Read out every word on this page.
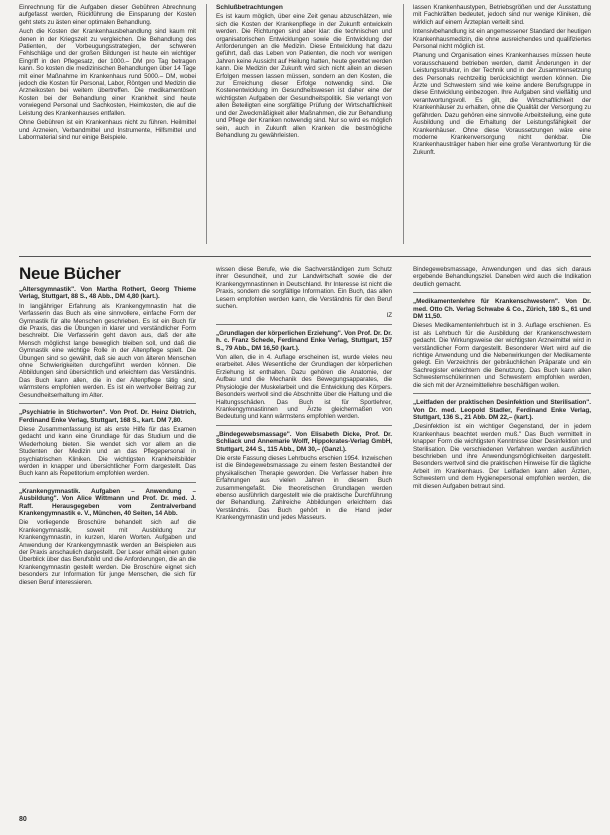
Einrechnung für die Aufgaben dieser Gebühren Abrechnung aufgefasst werden, Rückführung die Einsparung der Kosten geht stets zu ästen einer optimalen Behandlung.

Auch die Kosten der Krankenhausbehandlung sind kaum mit denen in der Kriegszeit zu vergleichen. Die Behandlung des Patienten, der Vorbeugungsstrategien, der schweren Fehlschläge und der großen Bildungen ist heute ein wichtiger Eingriff in den Pflegesatz, der 1000.– DM pro Tag betragen kann. So kosten die medizinischen Behandlungen über 14 Tage mit einer Maßnahme im Krankenhaus rund 5000.– DM, wobei jedoch die Kosten für Personal, Labor, Röntgen und Medizin die Arzneikosten bei weitem übertreffen. Die medikamentösen Kosten bei der Behandlung einer Krankheit sind heute vorwiegend Personal und Sachkosten, Heimkosten, die auf die Leistung des Krankenhauses entfallen.

Ohne Gebühren ist ein Krankenhaus nicht zu führen. Heilmittel und Arzneien, Verbandmittel und Instrumente, Hilfsmittel und Labormaterial sind nur einige Beispiele.

Schlußbetrachtungen

Es ist kaum möglich, über eine Zeit genau abzuschätzen, wie sich die Kosten der Krankenpflege in der Zukunft entwickeln werden. Die Richtungen sind aber klar: die technischen und organisatorischen Entwicklungen sowie die Entwicklung der Anforderungen an die Medizin. Diese Entwicklung hat dazu geführt, daß das Leben von Patienten, die noch vor wenigen Jahren keine Aussicht auf Heilung hatten, heute gerettet werden kann. Die Medizin der Zukunft wird sich nicht allein an diesen Erfolgen messen lassen müssen, sondern an den Kosten, die zur Erreichung dieser Erfolge notwendig sind. Die Kostenentwicklung im Gesundheitswesen ist daher eine der wichtigsten Aufgaben der Gesundheitspolitik. Sie verlangt von allen Beteiligten eine sorgfältige Prüfung der Wirtschaftlichkeit und der Zweckmäßigkeit aller Maßnahmen, die zur Behandlung und Pflege der Kranken notwendig sind. Nur so wird es möglich sein, auch in Zukunft allen Kranken die bestmögliche Behandlung zu gewährleisten.

lassen Krankenhaustypen, Betriebsgrößen und der Ausstattung mit Fachkräften bedeutet, jedoch sind nur wenige Kliniken, die wirklich auf einem Ärzteplan verteilt sind.

Intensivbehandlung ist ein angemessener Standard der heutigen Krankenhausmedizin, die ohne ausreichendes und qualifiziertes Personal nicht möglich ist.

Planung und Organisation eines Krankenhauses müssen heute vorausschauend betrieben werden, damit Änderungen in der Leistungsstruktur, in der Technik und in der Zusammensetzung des Personals rechtzeitig berücksichtigt werden können. Die Ärzte und Schwestern sind wie keine andere Berufsgruppe in diese Entwicklung einbezogen. Ihre Aufgaben sind vielfältig und verantwortungsvoll. Es gilt, die Wirtschaftlichkeit der Krankenhäuser zu erhalten, ohne die Qualität der Versorgung zu gefährden. Dazu gehören eine sinnvolle Arbeitsteilung, eine gute Ausbildung und die Erhaltung der Leistungsfähigkeit der Krankenhäuser. Ohne diese Voraussetzungen wäre eine moderne Krankenversorgung nicht denkbar. Die Krankenhausträger haben hier eine große Verantwortung für die Zukunft.

Neue Bücher
„Altersgymnastik". Von Martha Rothert, Georg Thieme Verlag, Stuttgart, 88 S., 48 Abb., DM 4,80 (kart.).

In langjähriger Erfahrung als Krankengymnastin hat die Verfasserin das Buch als eine sinnvollere, einfache Form der Gymnastik für alte Menschen geschrieben. Es ist ein Buch für die Praxis, das die Übungen in klarer und verständlicher Form beschreibt. Die Verfasserin geht davon aus, daß der alte Mensch möglichst lange beweglich bleiben soll, und daß die Gymnastik eine wichtige Rolle in der Altenpflege spielt. Die Übungen sind so gewählt, daß sie auch von älteren Menschen ohne Schwierigkeiten durchgeführt werden können. Die Abbildungen sind übersichtlich und erleichtern das Verständnis. Das Buch kann allen, die in der Altenpflege tätig sind, wärmstens empfohlen werden. Es ist ein wertvoller Beitrag zur Gesundheitserhaltung im Alter.

„Psychiatrie in Stichworten". Von Prof. Dr. Heinz Dietrich, Ferdinand Enke Verlag, Stuttgart, 168 S., kart. DM 7,80.

Diese Zusammenfassung ist als erste Hilfe für das Examen gedacht und kann eine Grundlage für das Studium und die Wiederholung bieten. Sie wendet sich vor allem an die Studenten der Medizin und an das Pflegepersonal in psychiatrischen Kliniken. Die wichtigsten Krankheitsbilder werden in knapper und übersichtlicher Form dargestellt. Das Buch kann als Repetitorium empfohlen werden.

„Krankengymnastik. Aufgaben – Anwendung – Ausbildung". Von Alice Wittmann und Prof. Dr. med. J. Raff. Herausgegeben vom Zentralverband Krankengymnastik e. V., München, 40 Seiten, 14 Abb.

Die vorliegende Broschüre behandelt sich auf die Krankengymnastik, soweit mit Ausbildung zur Krankengymnastin, in kurzen, klaren Worten. Aufgaben und Anwendung der Krankengymnastik werden an Beispielen aus der Praxis anschaulich dargestellt. Der Leser erhält einen guten Überblick über das Berufsbild und die Anforderungen, die an die Krankengymnastin gestellt werden. Die Broschüre eignet sich besonders zur Information für junge Menschen, die sich für diesen Beruf interessieren.

wissen diese Berufe, wie die Sachverständigen zum Schutz ihrer Gesundheit, und zur Landwirtschaft sowie die der Krankengymnastinnen in Deutschland. Ihr Interesse ist nicht die Praxis, sondern die sorgfältige Information. Ein Buch, das allen Lesern empfohlen werden kann, die Verständnis für den Beruf suchen.

IZ

„Grundlagen der körperlichen Erziehung". Von Prof. Dr. Dr. h. c. Franz Schede, Ferdinand Enke Verlag, Stuttgart, 157 S., 79 Abb., DM 16,50 (kart.).

Von allen, die in 4. Auflage erscheinen ist, wurde vieles neu erarbeitet. Alles Wesentliche der Grundlagen der körperlichen Erziehung ist enthalten. Dazu gehören die Anatomie, der Aufbau und die Mechanik des Bewegungsapparates, die Physiologie der Muskelarbeit und die Entwicklung des Körpers. Besonders wertvoll sind die Abschnitte über die Haltung und die Haltungsschäden. Das Buch ist für Sportlehrer, Krankengymnastinnen und Ärzte gleichermaßen von Bedeutung und kann wärmstens empfohlen werden.

„Bindegewebsmassage". Von Elisabeth Dicke, Prof. Dr. Schliack und Annemarie Wolff, Hippokrates-Verlag GmbH, Stuttgart, 244 S., 115 Abb., DM 30,– (Ganzl.).

Die erste Fassung dieses Lehrbuchs erschien 1954. Inzwischen ist die Bindegewebsmassage zu einem festen Bestandteil der physikalischen Therapie geworden. Die Verfasser haben ihre Erfahrungen aus vielen Jahren in diesem Buch zusammengefaßt. Die theoretischen Grundlagen werden ebenso ausführlich dargestellt wie die praktische Durchführung der Behandlung. Zahlreiche Abbildungen erleichtern das Verständnis. Das Buch gehört in die Hand jeder Krankengymnastin und jedes Masseurs.

Bindegewebsmassage, Anwendungen und das sich daraus ergebende Behandlungsziel. Daneben wird auch die Indikation deutlich gemacht.

„Medikamentenlehre für Krankenschwestern". Von Dr. med. Otto Ch. Verlag Schwabe & Co., Zürich, 180 S., 61 und DM 11,50.

Dieses Medikamentenlehrbuch ist in 3. Auflage erschienen. Es ist als Lehrbuch für die Ausbildung der Krankenschwestern gedacht. Die Wirkungsweise der wichtigsten Arzneimittel wird in verständlicher Form dargestellt. Besonderer Wert wird auf die richtige Anwendung und die Nebenwirkungen der Medikamente gelegt. Ein Verzeichnis der gebräuchlichen Präparate und ein Sachregister erleichtern die Benutzung. Das Buch kann allen Schwesternschülerinnen und Schwestern empfohlen werden, die sich mit der Arzneimittellehre beschäftigen wollen.

„Leitfaden der praktischen Desinfektion und Sterilisation". Von Dr. med. Leopold Stadler, Ferdinand Enke Verlag, Stuttgart, 136 S., 21 Abb. DM 22,– (kart.).

„Desinfektion ist ein wichtiger Gegenstand, der in jedem Krankenhaus beachtet werden muß." Das Buch vermittelt in knapper Form die wichtigsten Kenntnisse über Desinfektion und Sterilisation. Die verschiedenen Verfahren werden ausführlich beschrieben und ihre Anwendungsmöglichkeiten dargestellt. Besonders wertvoll sind die praktischen Hinweise für die tägliche Arbeit im Krankenhaus. Der Leitfaden kann allen Ärzten, Schwestern und dem Hygienepersonal empfohlen werden, die mit diesen Aufgaben betraut sind.

80
